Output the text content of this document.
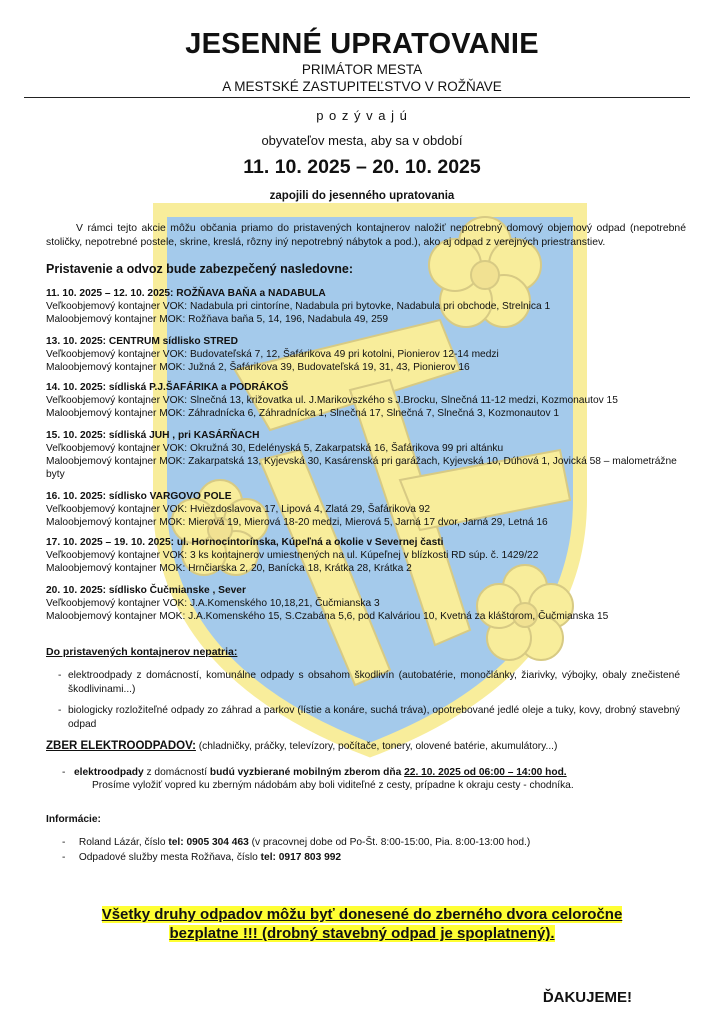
JESENNÉ UPRATOVANIE
PRIMÁTOR MESTA
A MESTSKÉ ZASTUPITEĽSTVO V ROŽŇAVE
p o z ý v a j ú
obyvateľov mesta, aby sa v období
11. 10. 2025 – 20. 10. 2025
zapojili do jesenného upratovania
V rámci tejto akcie môžu občania priamo do pristavených kontajnerov naložiť nepotrebný domový objemový odpad (nepotrebné stoličky, nepotrebné postele, skrine, kreslá, rôzny iný nepotrebný nábytok a pod.), ako aj odpad z verejných priestranstiev.
Pristavenie a odvoz bude zabezpečený nasledovne:
11. 10. 2025 – 12. 10. 2025: ROŽŇAVA BAŇA a NADABULA
Veľkoobjemový kontajner VOK: Nadabula pri cintoríne, Nadabula pri bytovke, Nadabula pri obchode, Strelnica 1
Maloobjemový kontajner MOK: Rožňava baňa 5, 14, 196, Nadabula 49, 259
13. 10. 2025: CENTRUM sídlisko STRED
Veľkoobjemový kontajner VOK: Budovateľská 7, 12, Šafárikova 49 pri kotolni, Pionierov 12-14 medzi
Maloobjemový kontajner MOK: Južná 2, Šafárikova 39, Budovateľská 19, 31, 43, Pionierov 16
14. 10. 2025: sídliská P.J.ŠAFÁRIKA a PODRÁKOŠ
Veľkoobjemový kontajner VOK: Slnečná 13, križovatka ul. J.Marikovszkého s J.Brocku, Slnečná 11-12 medzi, Kozmonautov 15
Maloobjemový kontajner MOK: Záhradnícka 6, Záhradnícka 1, Slnečná 17, Slnečná 7, Slnečná 3, Kozmonautov 1
15. 10. 2025: sídliská JUH , pri KASÁRŇACH
Veľkoobjemový kontajner VOK: Okružná 30, Edelényská 5, Zakarpatská 16, Šafárikova 99 pri altánku
Maloobjemový kontajner MOK: Zakarpatská 13, Kyjevská 30, Kasárenská pri garážach, Kyjevská 10, Dúhová 1, Jovická 58 – malometrážne byty
16. 10. 2025: sídlisko VARGOVO POLE
Veľkoobjemový kontajner VOK: Hviezdoslavova 17, Lipová 4, Zlatá 29, Šafárikova 92
Maloobjemový kontajner MOK: Mierová 19, Mierová 18-20 medzi, Mierová 5, Jarná 17 dvor, Jarná 29, Letná 16
17. 10. 2025 – 19. 10. 2025: ul. Hornocintorínska, Kúpeľná a okolie v Severnej časti
Veľkoobjemový kontajner VOK: 3 ks kontajnerov umiestnených na ul. Kúpeľnej v blízkosti RD súp. č. 1429/22
Maloobjemový kontajner MOK: Hrnčiarska 2, 20, Banícka 18, Krátka 28, Krátka 2
20. 10. 2025: sídlisko Čučmianske , Sever
Veľkoobjemový kontajner VOK: J.A.Komenského 10,18,21, Čučmianska 3
Maloobjemový kontajner MOK: J.A.Komenského 15, S.Czabána 5,6, pod Kalváriou 10, Kvetná za kláštorom, Čučmianska 15
Do pristavených kontajnerov nepatria:
- elektroodpady z domácností, komunálne odpady s obsahom škodlivín (autobatérie, monočlánky, žiarivky, výbojky, obaly znečistené škodlivinami...)
- biologicky rozložiteľné odpady zo záhrad a parkov (lístie a konáre, suchá tráva), opotrebované jedlé oleje a tuky, kovy, drobný stavebný odpad
ZBER ELEKTROODPADOV: (chladničky, práčky, televízory, počítače, tonery, olovené batérie, akumulátory...)
- elektroodpady z domácností budú vyzbierané mobilným zberom dňa 22. 10. 2025 od 06:00 – 14:00 hod.
Prosíme vyložiť vopred ku zberným nádobám aby boli viditeľné z cesty, prípadne k okraju cesty - chodníka.
Informácie:
- Roland Lázár, číslo tel: 0905 304 463 (v pracovnej dobe od Po-Št. 8:00-15:00, Pia. 8:00-13:00 hod.)
- Odpadové služby mesta Rožňava, číslo tel: 0917 803 992
Všetky druhy odpadov môžu byť donesené do zberného dvora celoročne
bezplatne !!! (drobný stavebný odpad je spoplatnený).
ĎAKUJEME!
